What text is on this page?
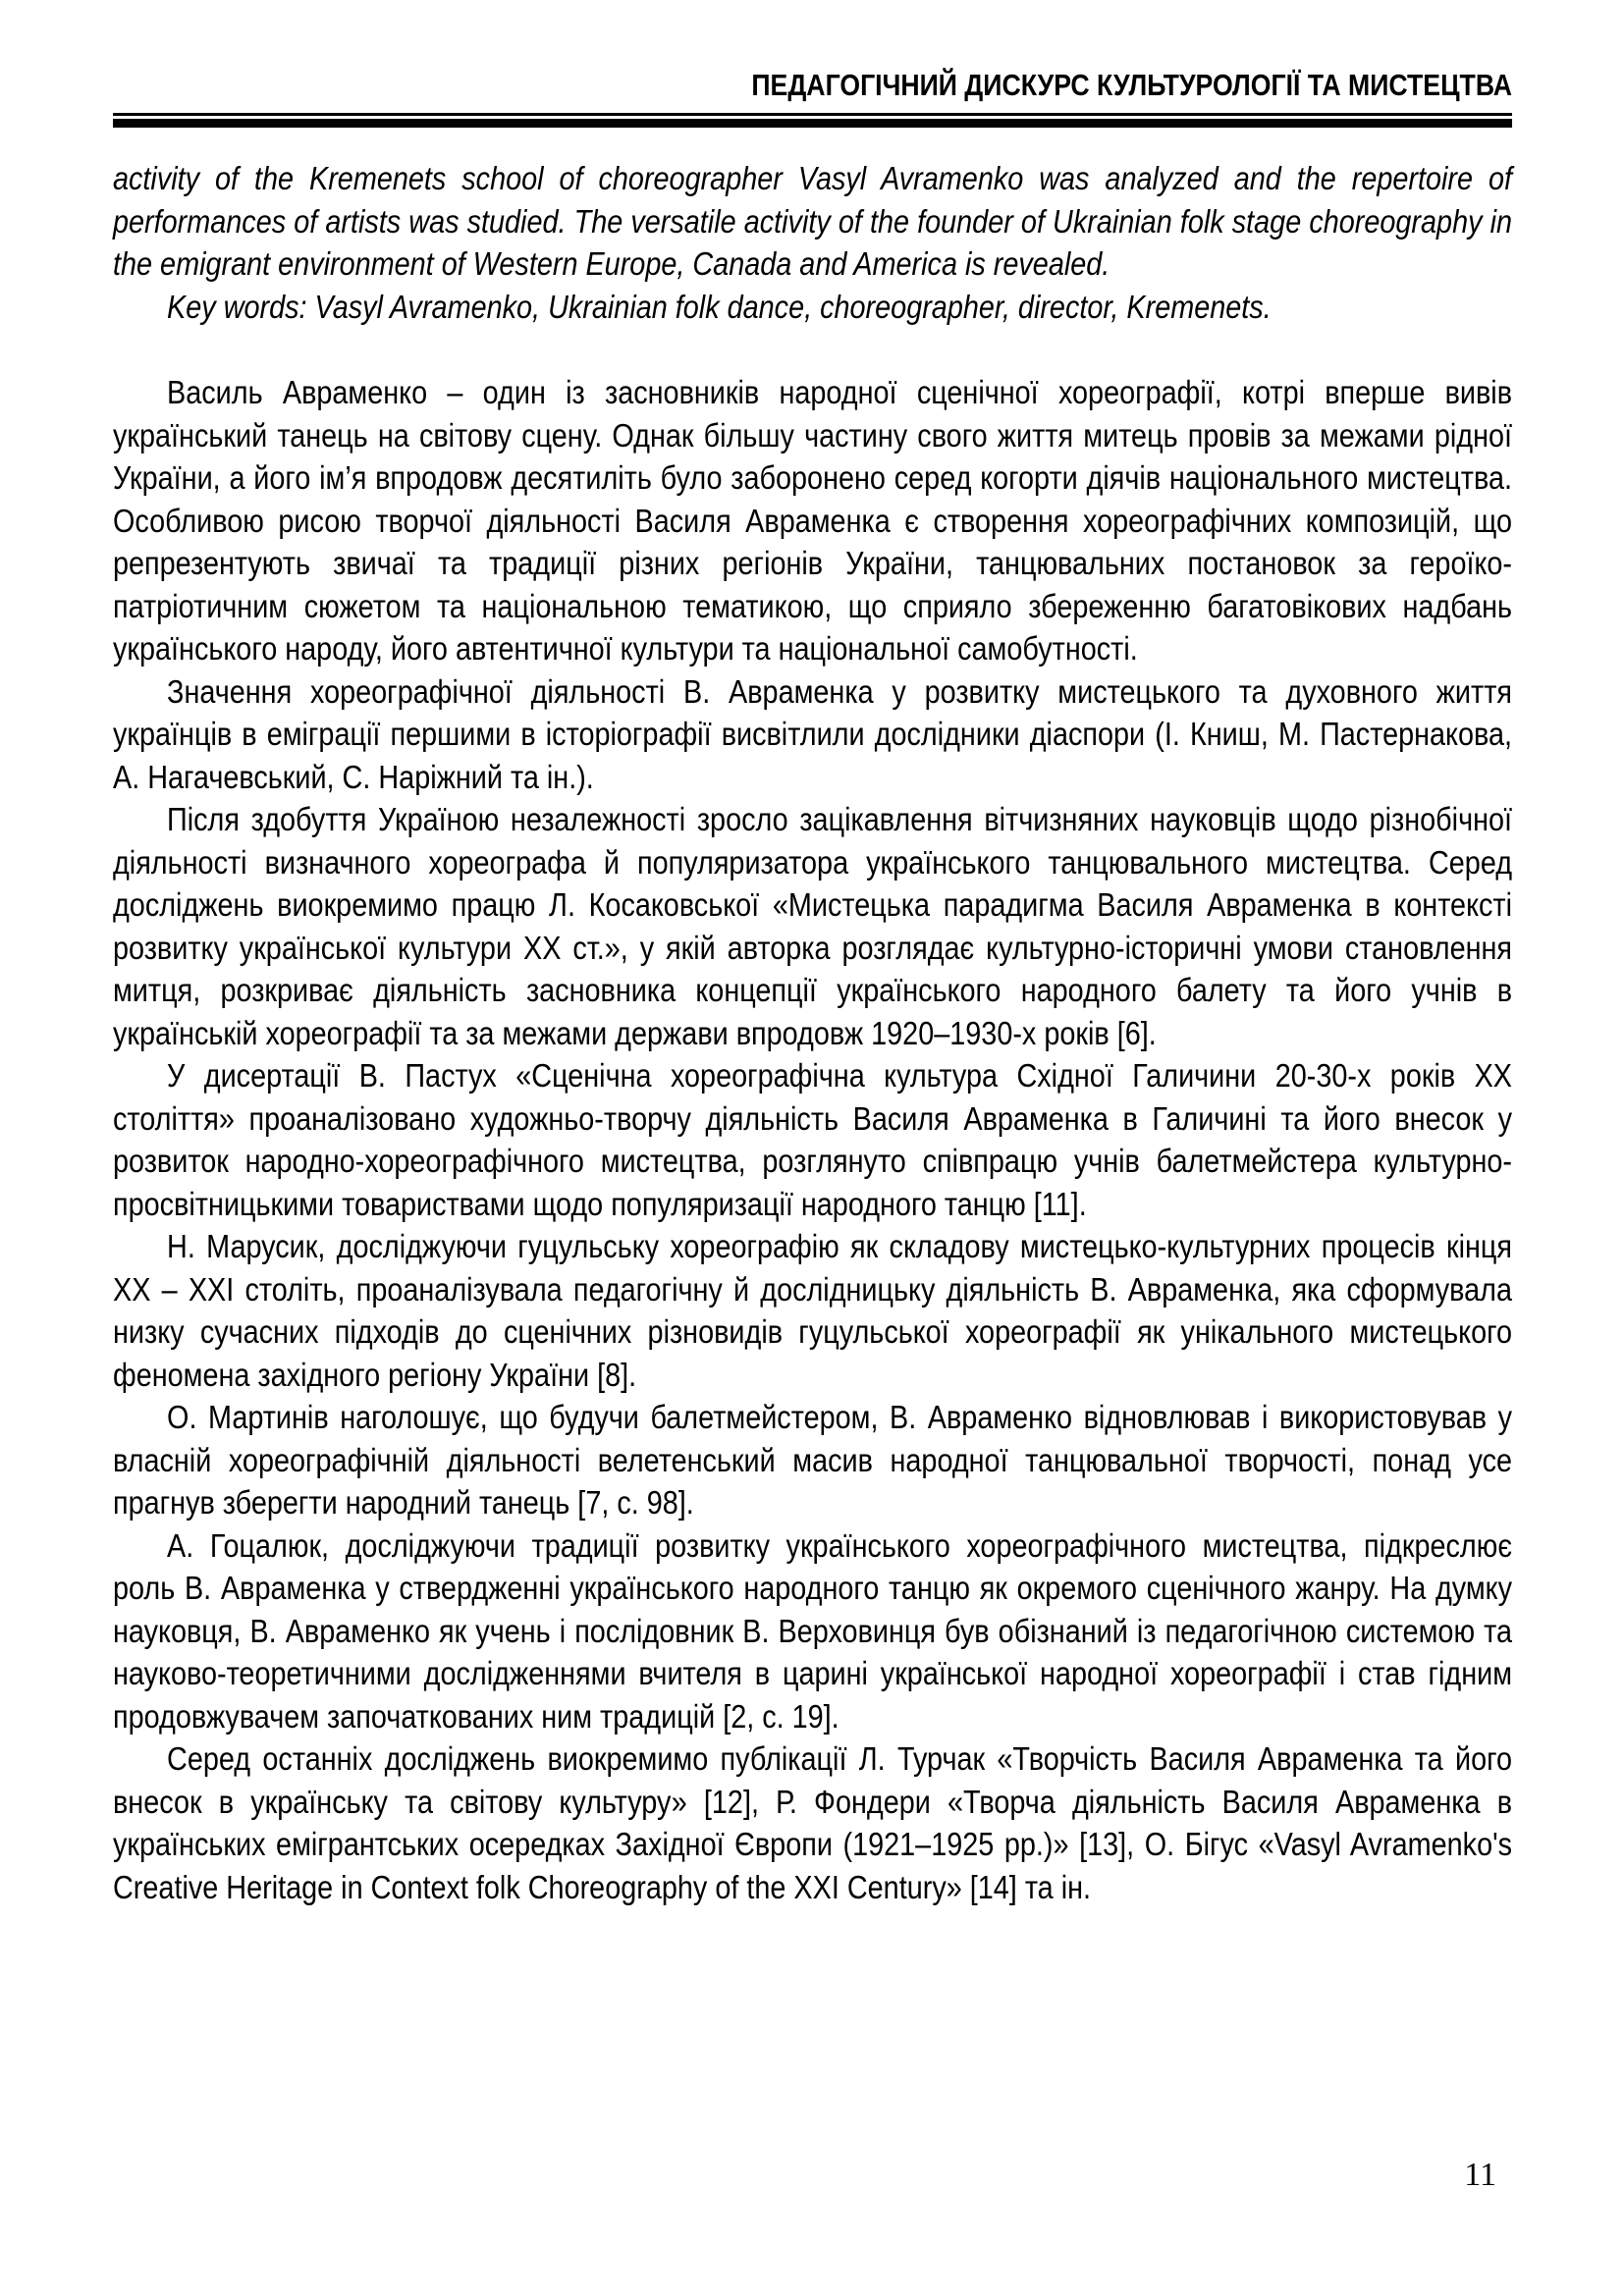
ПЕДАГОГІЧНИЙ ДИСКУРС КУЛЬТУРОЛОГІЇ ТА МИСТЕЦТВА

activity of the Kremenets school of choreographer Vasyl Avramenko was analyzed and the repertoire of performances of artists was studied. The versatile activity of the founder of Ukrainian folk stage choreography in the emigrant environment of Western Europe, Canada and America is revealed.

Key words: Vasyl Avramenko, Ukrainian folk dance, choreographer, director, Kremenets.

Василь Авраменко – один із засновників народної сценічної хореографії, котрі вперше вивів український танець на світову сцену. Однак більшу частину свого життя митець провів за межами рідної України, а його ім’я впродовж десятиліть було заборонено серед когорти діячів національного мистецтва. Особливою рисою творчої діяльності Василя Авраменка є створення хореографічних композицій, що репрезентують звичаї та традиції різних регіонів України, танцювальних постановок за героїко-патріотичним сюжетом та національною тематикою, що сприяло збереженню багатовікових надбань українського народу, його автентичної культури та національної самобутності.

Значення хореографічної діяльності В. Авраменка у розвитку мистецького та духовного життя українців в еміграції першими в історіографії висвітлили дослідники діаспори (І. Книш, М. Пастернакова, А. Нагачевський, С. Наріжний та ін.).

Після здобуття Україною незалежності зросло зацікавлення вітчизняних науковців щодо різнобічної діяльності визначного хореографа й популяризатора українського танцювального мистецтва. Серед досліджень виокремимо працю Л. Косаковської «Мистецька парадигма Василя Авраменка в контексті розвитку української культури ХХ ст.», у якій авторка розглядає культурно-історичні умови становлення митця, розкриває діяльність засновника концепції українського народного балету та його учнів в українській хореографії та за межами держави впродовж 1920–1930-х років [6].

У дисертації В. Пастух «Сценічна хореографічна культура Східної Галичини 20-30-х років ХХ століття» проаналізовано художньо-творчу діяльність Василя Авраменка в Галичині та його внесок у розвиток народно-хореографічного мистецтва, розглянуто співпрацю учнів балетмейстера культурно-просвітницькими товариствами щодо популяризації народного танцю [11].

Н. Марусик, досліджуючи гуцульську хореографію як складову мистецько-культурних процесів кінця ХХ – ХХІ століть, проаналізувала педагогічну й дослідницьку діяльність В. Авраменка, яка сформувала низку сучасних підходів до сценічних різновидів гуцульської хореографії як унікального мистецького феномена західного регіону України [8].

О. Мартинів наголошує, що будучи балетмейстером, В. Авраменко відновлював і використовував у власній хореографічній діяльності велетенський масив народної танцювальної творчості, понад усе прагнув зберегти народний танець [7, с. 98].

А. Гоцалюк, досліджуючи традиції розвитку українського хореографічного мистецтва, підкреслює роль В. Авраменка у ствердженні українського народного танцю як окремого сценічного жанру. На думку науковця, В. Авраменко як учень і послідовник В. Верховинця був обізнаний із педагогічною системою та науково-теоретичними дослідженнями вчителя в царині української народної хореографії і став гідним продовжувачем започаткованих ним традицій [2, с. 19].

Серед останніх досліджень виокремимо публікації Л. Турчак «Творчість Василя Авраменка та його внесок в українську та світову культуру» [12], Р. Фондери «Творча діяльність Василя Авраменка в українських емігрантських осередках Західної Європи (1921–1925 рр.)» [13], О. Бігус «Vasyl Avramenko's Creative Heritage in Context folk Choreography of the XXI Century» [14] та ін.

11
